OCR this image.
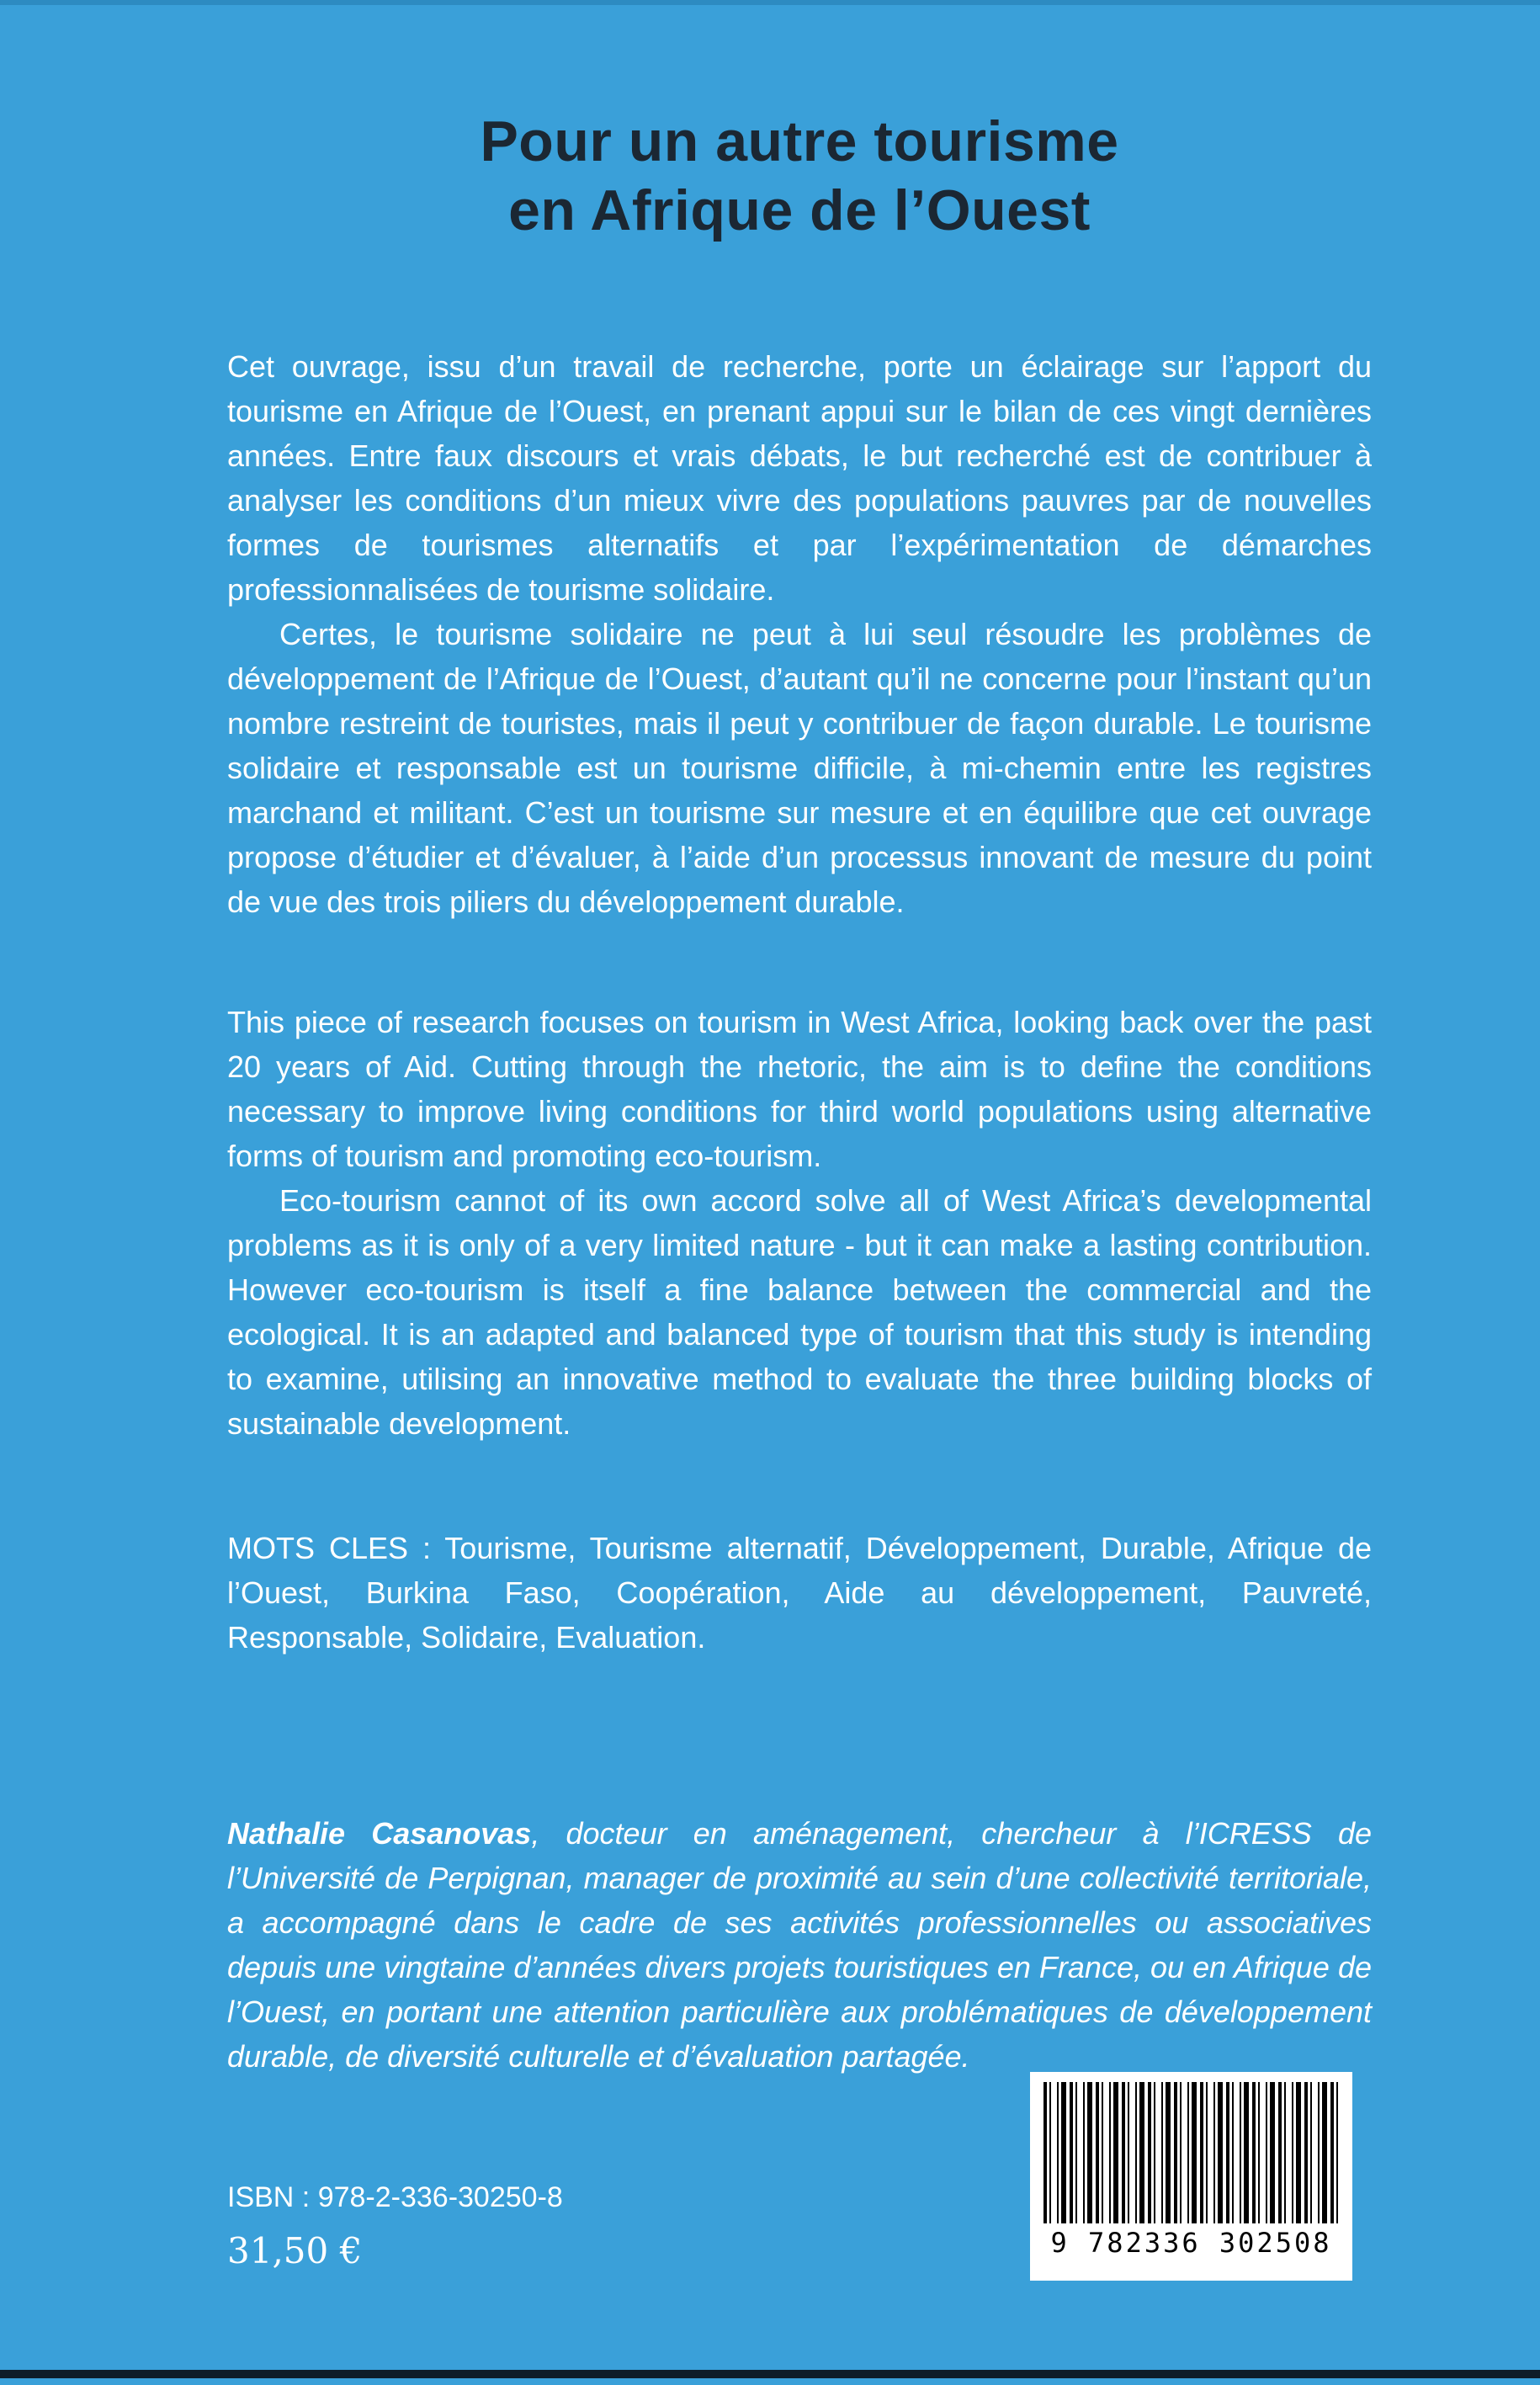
Pour un autre tourisme
en Afrique de l’Ouest

Cet ouvrage, issu d’un travail de recherche, porte un éclairage sur l’apport du tourisme en Afrique de l’Ouest, en prenant appui sur le bilan de ces vingt dernières années. Entre faux discours et vrais débats, le but recherché est de contribuer à analyser les conditions d’un mieux vivre des populations pauvres par de nouvelles formes de tourismes alternatifs et par l’expérimentation de démarches professionnalisées de tourisme solidaire.

Certes, le tourisme solidaire ne peut à lui seul résoudre les problèmes de développement de l’Afrique de l’Ouest, d’autant qu’il ne concerne pour l’instant qu’un nombre restreint de touristes, mais il peut y contribuer de façon durable. Le tourisme solidaire et responsable est un tourisme difficile, à mi-chemin entre les registres marchand et militant. C’est un tourisme sur mesure et en équilibre que cet ouvrage propose d’étudier et d’évaluer, à l’aide d’un processus innovant de mesure du point de vue des trois piliers du développement durable.

This piece of research focuses on tourism in West Africa, looking back over the past 20 years of Aid. Cutting through the rhetoric, the aim is to define the conditions necessary to improve living conditions for third world populations using alternative forms of tourism and promoting eco-tourism.

Eco-tourism cannot of its own accord solve all of West Africa’s developmental problems as it is only of a very limited nature - but it can make a lasting contribution. However eco-tourism is itself a fine balance between the commercial and the ecological. It is an adapted and balanced type of tourism that this study is intending to examine, utilising an innovative method to evaluate the three building blocks of sustainable development.

MOTS CLES : Tourisme, Tourisme alternatif, Développement, Durable, Afrique de l’Ouest, Burkina Faso, Coopération, Aide au développement, Pauvreté, Responsable, Solidaire, Evaluation.

Nathalie Casanovas, docteur en aménagement, chercheur à l’ICRESS de l’Université de Perpignan, manager de proximité au sein d’une collectivité territoriale, a accompagné dans le cadre de ses activités professionnelles ou associatives depuis une vingtaine d’années divers projets touristiques en France, ou en Afrique de l’Ouest, en portant une attention particulière aux problématiques de développement durable, de diversité culturelle et d’évaluation partagée.

ISBN : 978-2-336-30250-8
31,50 €	9 782336 302508
